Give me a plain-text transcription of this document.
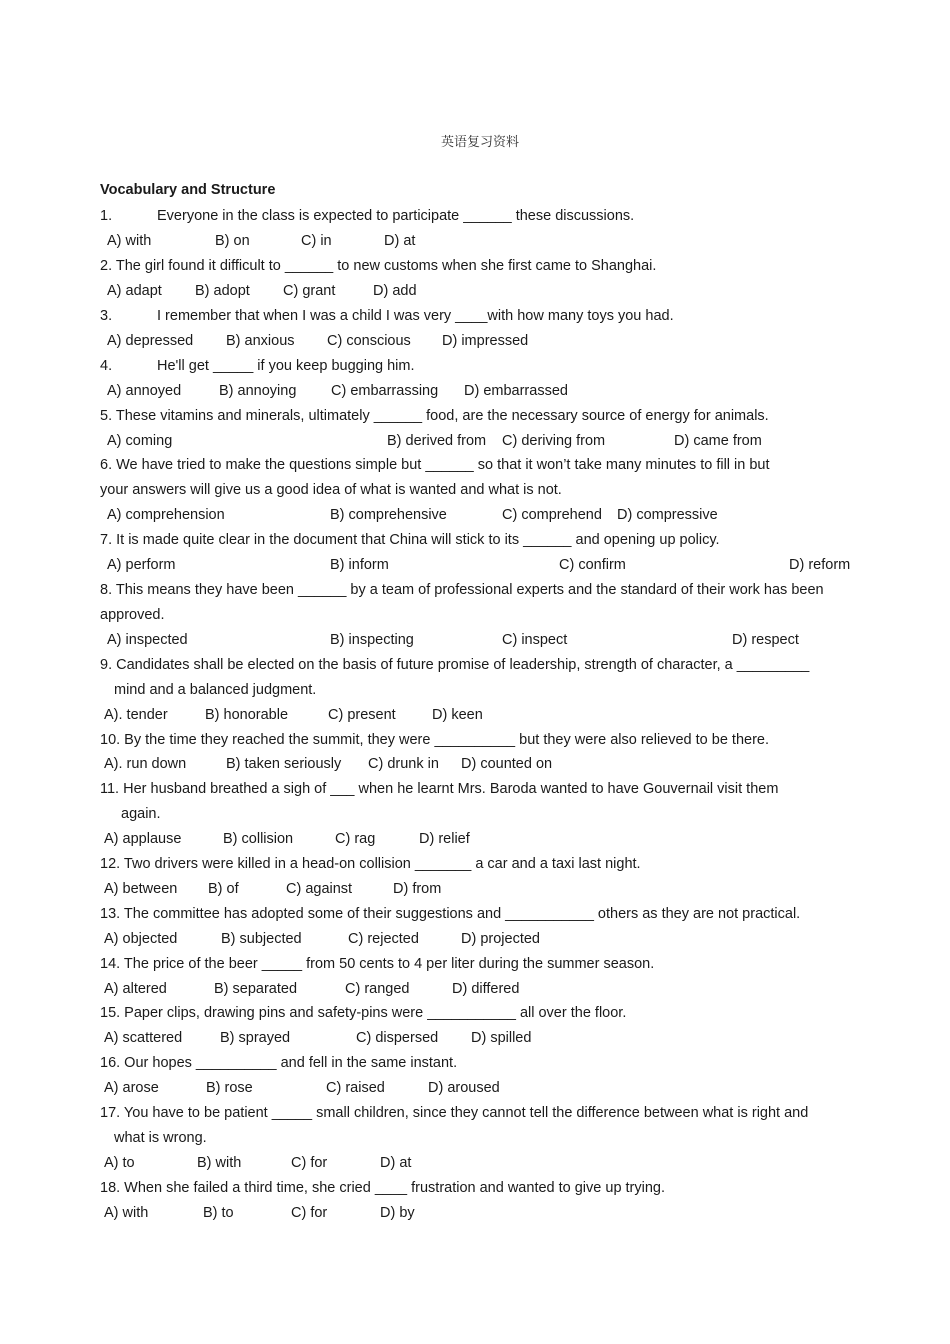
英语复习资料
Vocabulary and Structure
1.	Everyone in the class is expected to participate ______ these discussions.
A) with	B) on	C) in	D) at
2. The girl found it difficult to ______ to new customs when she first came to Shanghai.
A) adapt B) adopt C) grant	D) add
3.	I remember that when I was a child I was very ____with how many toys you had.
A) depressed B) anxious C) conscious D) impressed
4.	He'll get _____ if you keep bugging him.
A) annoyed	B) annoying C) embarrassing D) embarrassed
5. These vitamins and minerals, ultimately ______ food, are the necessary source of energy for animals.
A) coming	B) derived from C) deriving from	D) came from
6. We have tried to make the questions simple but ______ so that it won’t take many minutes to fill in but
your answers will give us a good idea of what is wanted and what is not.
A) comprehension	B) comprehensive	C) comprehend D) compressive
7. It is made quite clear in the document that China will stick to its ______ and opening up policy.
A) perform	B) inform	C) confirm	D) reform
8. This means they have been ______ by a team of professional experts and the standard of their work has been
approved.
A) inspected	B) inspecting	C) inspect	D) respect
9. Candidates shall be elected on the basis of future promise of leadership, strength of character, a _________
mind and a balanced judgment.
A). tender	B) honorable	C) present	D) keen
10. By the time they reached the summit, they were __________ but they were also relieved to be there.
A). run down	B) taken seriously C) drunk in D) counted on
11. Her husband breathed a sigh of ___ when he learnt Mrs. Baroda wanted to have Gouvernail visit them
again.
A) applause	B) collision	C) rag	D) relief
12. Two drivers were killed in a head-on collision _______ a car and a taxi last night.
A) between B) of	C) against	D) from
13. The committee has adopted some of their suggestions and ___________ others as they are not practical.
A) objected	B) subjected	C) rejected	D) projected
14. The price of the beer _____ from 50 cents to 4 per liter during the summer season.
A) altered	B) separated	C) ranged	D) differed
15. Paper clips, drawing pins and safety-pins were ___________ all over the floor.
A) scattered	B) sprayed	C) dispersed D) spilled
16. Our hopes __________ and fell in the same instant.
A) arose	B) rose	C) raised	D) aroused
17. You have to be patient _____ small children, since they cannot tell the difference between what is right and
what is wrong.
A) to	B) with	C) for	D) at
18. When she failed a third time, she cried ____ frustration and wanted to give up trying.
A) with	B) to	C) for	D) by
